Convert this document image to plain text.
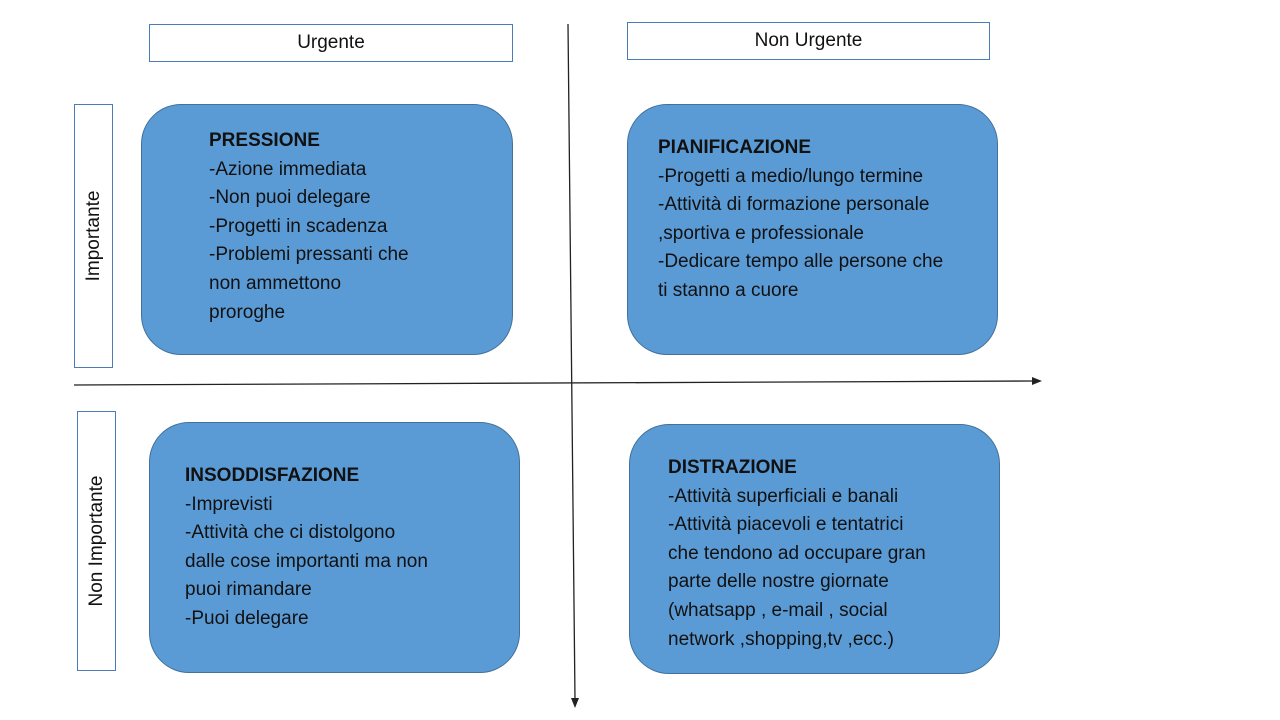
Urgente	Non Urgente
Importante
Non Importante
PRESSIONE
-Azione immediata
-Non puoi delegare
-Progetti in scadenza
-Problemi pressanti che
non ammettono
proroghe
PIANIFICAZIONE
-Progetti a medio/lungo termine
-Attività di formazione personale
,sportiva e professionale
-Dedicare tempo alle persone che
ti stanno a cuore
INSODDISFAZIONE
-Imprevisti
-Attività che ci distolgono
dalle cose importanti ma non
puoi rimandare
-Puoi delegare
DISTRAZIONE
-Attività superficiali e banali
-Attività piacevoli e tentatrici
che tendono ad occupare gran
parte delle nostre giornate
(whatsapp , e-mail , social
network ,shopping,tv ,ecc.)
